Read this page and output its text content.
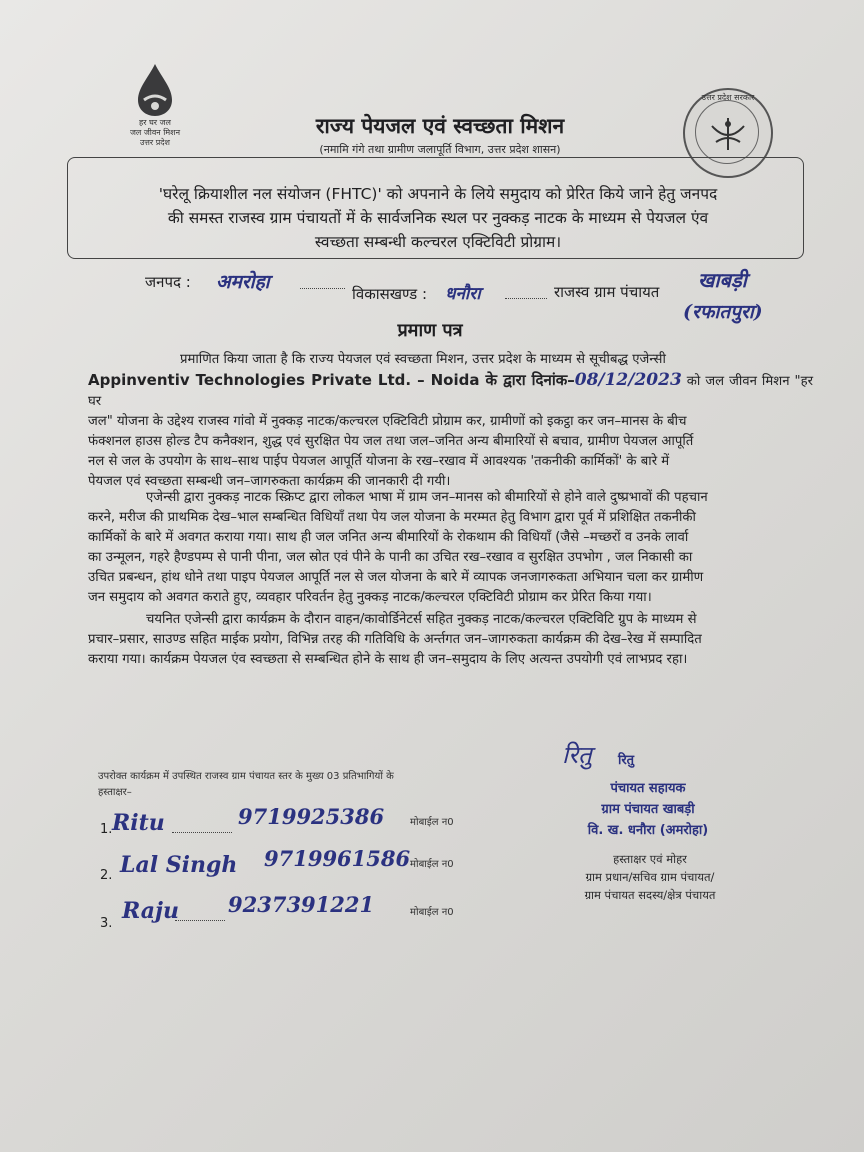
हर घर जल
जल जीवन मिशन
उत्तर प्रदेश
राज्य पेयजल एवं स्वच्छता मिशन
(नमामि गंगे तथा ग्रामीण जलापूर्ति विभाग, उत्तर प्रदेश शासन)
उत्तर प्रदेश सरकार

'घरेलू क्रियाशील नल संयोजन (FHTC)' को अपनाने के लिये समुदाय को प्रेरित किये जाने हेतु जनपद

की समस्त राजस्व ग्राम पंचायतों में के सार्वजनिक स्थल पर नुक्कड़ नाटक के माध्यम से पेयजल एंव

स्वच्छता सम्बन्धी कल्चरल एक्टिविटी प्रोग्राम।

जनपद : अमरोहा
विकासखण्ड : धनौरा	राजस्व ग्राम पंचायत खाबड़ी
(रफातपुरा)
प्रमाण पत्र

प्रमाणित किया जाता है कि राज्य पेयजल एवं स्वच्छता मिशन, उत्तर प्रदेश के माध्यम से सूचीबद्ध एजेन्सी

Appinventiv Technologies Private Ltd. – Noida के द्वारा दिनांक–08/12/2023 को जल जीवन मिशन "हर घर

जल" योजना के उद्देश्य राजस्व गांवो में नुक्कड़ नाटक/कल्चरल एक्टिविटी प्रोग्राम कर, ग्रामीणों को इकट्ठा कर जन–मानस के बीच

फंक्शनल हाउस होल्ड टैप कनैक्शन, शुद्ध एवं सुरक्षित पेय जल तथा जल–जनित अन्य बीमारियों से बचाव, ग्रामीण पेयजल आपूर्ति

नल से जल के उपयोग के साथ–साथ पाईप पेयजल आपूर्ति योजना के रख–रखाव में आवश्यक 'तकनीकी कार्मिकों' के बारे में

पेयजल एवं स्वच्छता सम्बन्धी जन–जागरुकता कार्यक्रम की जानकारी दी गयी।

एजेन्सी द्वारा नुक्कड़ नाटक स्क्रिप्ट द्वारा लोकल भाषा में ग्राम जन–मानस को बीमारियों से होने वाले दुष्प्रभावों की पहचान

करने, मरीज की प्राथमिक देख–भाल सम्बन्धित विधियाँ तथा पेय जल योजना के मरम्मत हेतु विभाग द्वारा पूर्व में प्रशिक्षित तकनीकी

कार्मिकों के बारे में अवगत कराया गया। साथ ही जल जनित अन्य बीमारियों के रोकथाम की विधियाँ (जैसे –मच्छरों व उनके लार्वा

का उन्मूलन, गहरे हैण्डपम्प से पानी पीना, जल स्रोत एवं पीने के पानी का उचित रख–रखाव व सुरक्षित उपभोग , जल निकासी का

उचित प्रबन्धन, हांथ धोने तथा पाइप पेयजल आपूर्ति नल से जल योजना के बारे में व्यापक जनजागरुकता अभियान चला कर ग्रामीण

जन समुदाय को अवगत कराते हुए, व्यवहार परिवर्तन हेतु नुक्कड़ नाटक/कल्चरल एक्टिविटी प्रोग्राम कर प्रेरित किया गया।

चयनित एजेन्सी द्वारा कार्यक्रम के दौरान वाहन/कावोर्डिनेटर्स सहित नुक्कड़ नाटक/कल्चरल एक्टिविटि ग्रुप के माध्यम से

प्रचार–प्रसार, साउण्ड सहित माईक प्रयोग, विभिन्न तरह की गतिविधि के अर्न्तगत जन–जागरुकता कार्यक्रम की देख–रेख में सम्पादित

कराया गया। कार्यक्रम पेयजल एंव स्वच्छता से सम्बन्धित होने के साथ ही जन–समुदाय के लिए अत्यन्त उपयोगी एवं लाभप्रद रहा।

उपरोक्त कार्यक्रम में उपस्थित राजस्व ग्राम पंचायत स्तर के मुख्य 03 प्रतिभागियों के
हस्ताक्षर–
1. Ritu	9719925386	मोबाईल न0
2. Lal Singh 9719961586 मोबाईल न0
3. Raju 9237391221	मोबाईल न0
रितु रितु
पंचायत सहायक
ग्राम पंचायत खाबड़ी
वि. ख. धनौरा (अमरोहा)
हस्ताक्षर एवं मोहर
ग्राम प्रधान/सचिव ग्राम पंचायत/
ग्राम पंचायत सदस्य/क्षेत्र पंचायत
